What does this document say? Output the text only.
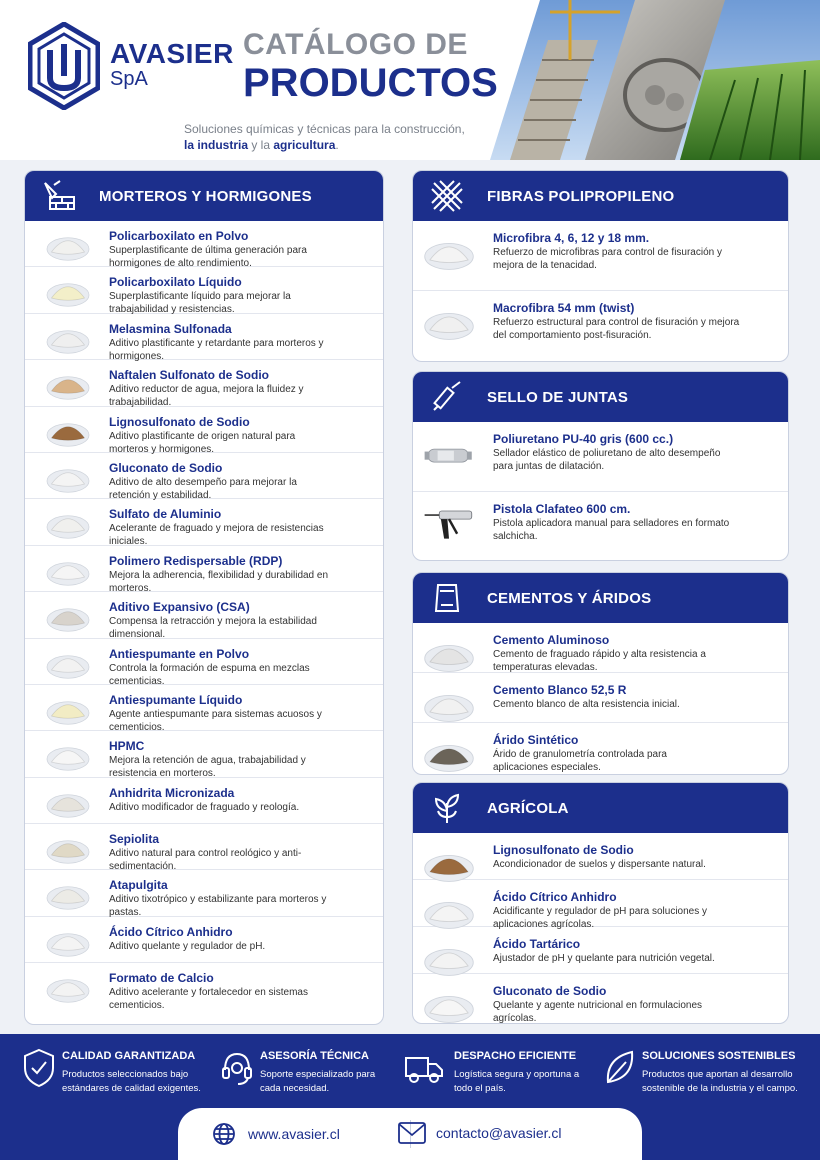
AVASIER
SpA
CATÁLOGO DE
PRODUCTOS
Soluciones químicas y técnicas para la construcción,
la industria y la agricultura.
MORTEROS Y HORMIGONES
Policarboxilato en Polvo
Superplastificante de última generación para hormigones de alto rendimiento.
Policarboxilato Líquido
Superplastificante líquido para mejorar la trabajabilidad y resistencias.
Melasmina Sulfonada
Aditivo plastificante y retardante para morteros y hormigones.
Naftalen Sulfonato de Sodio
Aditivo reductor de agua, mejora la fluidez y trabajabilidad.
Lignosulfonato de Sodio
Aditivo plastificante de origen natural para morteros y hormigones.
Gluconato de Sodio
Aditivo de alto desempeño para mejorar la retención y estabilidad.
Sulfato de Aluminio
Acelerante de fraguado y mejora de resistencias iniciales.
Polimero Redispersable (RDP)
Mejora la adherencia, flexibilidad y durabilidad en morteros.
Aditivo Expansivo (CSA)
Compensa la retracción y mejora la estabilidad dimensional.
Antiespumante en Polvo
Controla la formación de espuma en mezclas cementicias.
Antiespumante Líquido
Agente antiespumante para sistemas acuosos y cementicios.
HPMC
Mejora la retención de agua, trabajabilidad y resistencia en morteros.
Anhidrita Micronizada
Aditivo modificador de fraguado y reología.
Sepiolita
Aditivo natural para control reológico y anti-sedimentación.
Atapulgita
Aditivo tixotrópico y estabilizante para morteros y pastas.
Ácido Cítrico Anhidro
Aditivo quelante y regulador de pH.
Formato de Calcio
Aditivo acelerante y fortalecedor en sistemas cementicios.
FIBRAS POLIPROPILENO
Microfibra 4, 6, 12 y 18 mm.
Refuerzo de microfibras para control de fisuración y mejora de la tenacidad.
Macrofibra 54 mm (twist)
Refuerzo estructural para control de fisuración y mejora del comportamiento post-fisuración.
SELLO DE JUNTAS
Poliuretano PU-40 gris (600 cc.)
Sellador elástico de poliuretano de alto desempeño para juntas de dilatación.
Pistola Clafateo 600 cm.
Pistola aplicadora manual para selladores en formato salchicha.
CEMENTOS Y ÁRIDOS
Cemento Aluminoso
Cemento de fraguado rápido y alta resistencia a temperaturas elevadas.
Cemento Blanco 52,5 R
Cemento blanco de alta resistencia inicial.
Árido Sintético
Árido de granulometría controlada para aplicaciones especiales.
AGRÍCOLA
Lignosulfonato de Sodio
Acondicionador de suelos y dispersante natural.
Ácido Cítrico Anhidro
Acidificante y regulador de pH para soluciones y aplicaciones agrícolas.
Ácido Tartárico
Ajustador de pH y quelante para nutrición vegetal.
Gluconato de Sodio
Quelante y agente nutricional en formulaciones agrícolas.
CALIDAD GARANTIZADA
Productos seleccionados bajo estándares de calidad exigentes.
ASESORÍA TÉCNICA
Soporte especializado para cada necesidad.
DESPACHO EFICIENTE
Logística segura y oportuna a todo el país.
SOLUCIONES SOSTENIBLES
Productos que aportan al desarrollo sostenible de la industria y el campo.
www.avasier.cl	contacto@avasier.cl
